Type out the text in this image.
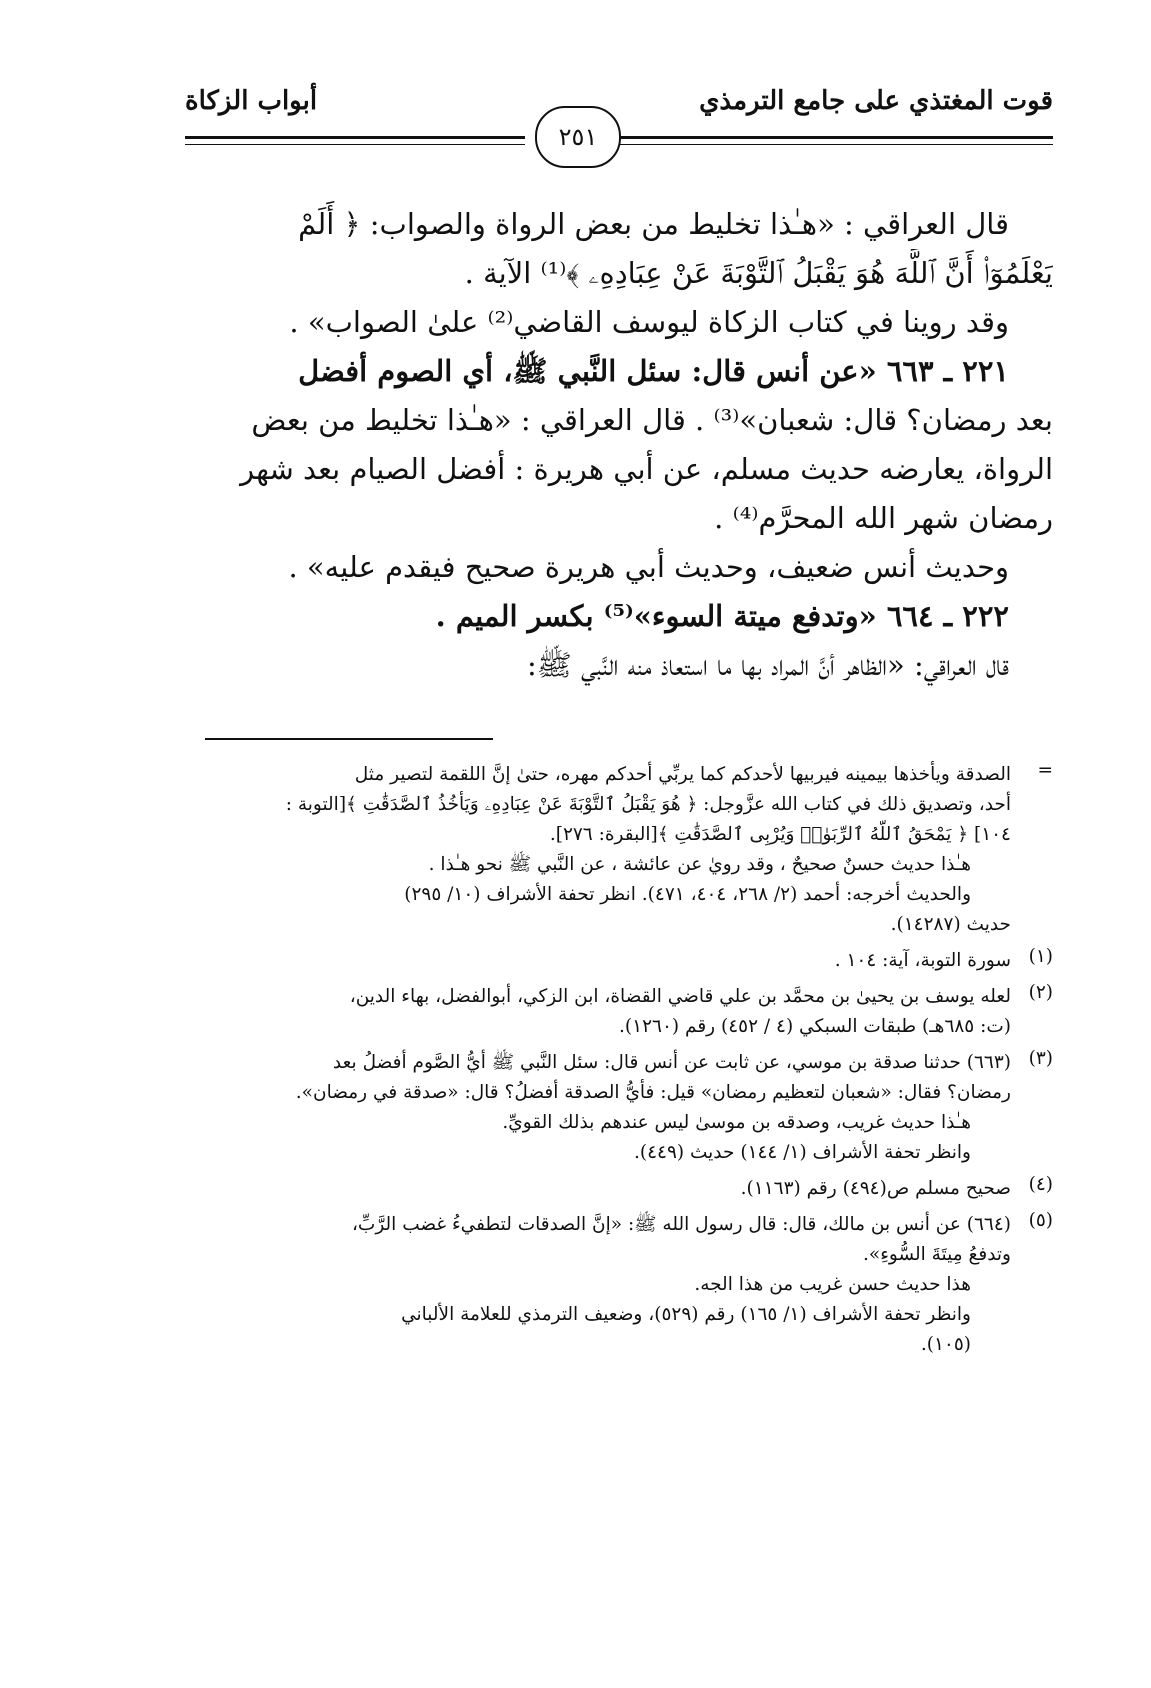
قوت المغتذي على جامع الترمذي
أبواب الزكاة
٢٥١
قال العراقي : «هـٰذا تخليط من بعض الرواة والصواب: ﴿ أَلَمْ
يَعْلَمُوٓا۟ أَنَّ ٱللَّهَ هُوَ يَقْبَلُ ٱلتَّوْبَةَ عَنْ عِبَادِهِۦ ﴾⁽¹⁾ الآية .
وقد روينا في كتاب الزكاة ليوسف القاضي⁽²⁾ علىٰ الصواب» .
٢٢١ ـ ٦٦٣ «عن أنس قال: سئل النَّبي ﷺ، أي الصوم أفضل
بعد رمضان؟ قال: شعبان»⁽³⁾ . قال العراقي : «هـٰذا تخليط من بعض
الرواة، يعارضه حديث مسلم، عن أبي هريرة : أفضل الصيام بعد شهر
رمضان شهر الله المحرَّم⁽⁴⁾ .
وحديث أنس ضعيف، وحديث أبي هريرة صحيح فيقدم عليه» .
٢٢٢ ـ ٦٦٤ «وتدفع ميتة السوء»⁽⁵⁾ بكسر الميم .
قال العراقي: «الظاهر أنَّ المراد بها ما استعاذ منه النَّبي ﷺ:
=
الصدقة ويأخذها بيمينه فيربيها لأحدكم كما يربِّي أحدكم مهره، حتىٰ إنَّ اللقمة لتصير مثل
أحد، وتصديق ذلك في كتاب الله عزَّوجل: ﴿ هُوَ يَقْبَلُ ٱلتَّوْبَةَ عَنْ عِبَادِهِۦ وَيَأْخُذُ ٱلصَّدَقَٰتِ ﴾[التوبة :
١٠٤] ﴿ يَمْحَقُ ٱللَّهُ ٱلرِّبَوٰا۟ وَيُرْبِى ٱلصَّدَقَٰتِ ﴾[البقرة: ٢٧٦].
هـٰذا حديث حسنٌ صحيحٌ ، وقد رويٰ عن عائشة ، عن النَّبي ﷺ نحو هـٰذا .
والحديث أخرجه: أحمد (٢/ ٢٦٨، ٤٠٤، ٤٧١). انظر تحفة الأشراف (١٠/ ٢٩٥)
حديث (١٤٢٨٧).
(١)
سورة التوبة، آية: ١٠٤ .
(٢)
لعله يوسف بن يحيىٰ بن محمَّد بن علي قاضي القضاة، ابن الزكي، أبوالفضل، بهاء الدين،
(ت: ٦٨٥هـ) طبقات السبكي (٤ / ٤٥٢) رقم (١٢٦٠).
(٣)
(٦٦٣) حدثنا صدقة بن موسي، عن ثابت عن أنس قال: سئل النَّبي ﷺ أيُّ الصَّوم أفضلُ بعد
رمضان؟ فقال: «شعبان لتعظيم رمضان» قيل: فأيُّ الصدقة أفضلُ؟ قال: «صدقة في رمضان».
هـٰذا حديث غريب، وصدقه بن موسىٰ ليس عندهم بذلك القويِّ.
وانظر تحفة الأشراف (١/ ١٤٤) حديث (٤٤٩).
(٤)
صحيح مسلم ص(٤٩٤) رقم (١١٦٣).
(٥)
(٦٦٤) عن أنس بن مالك، قال: قال رسول الله ﷺ: «إنَّ الصدقات لتطفيءُ غضب الرَّبِّ،
وتدفعُ مِيتَةَ السُّوءِ».
هذا حديث حسن غريب من هذا الجه.
وانظر تحفة الأشراف (١/ ١٦٥) رقم (٥٢٩)، وضعيف الترمذي للعلامة الألباني
(١٠٥).
